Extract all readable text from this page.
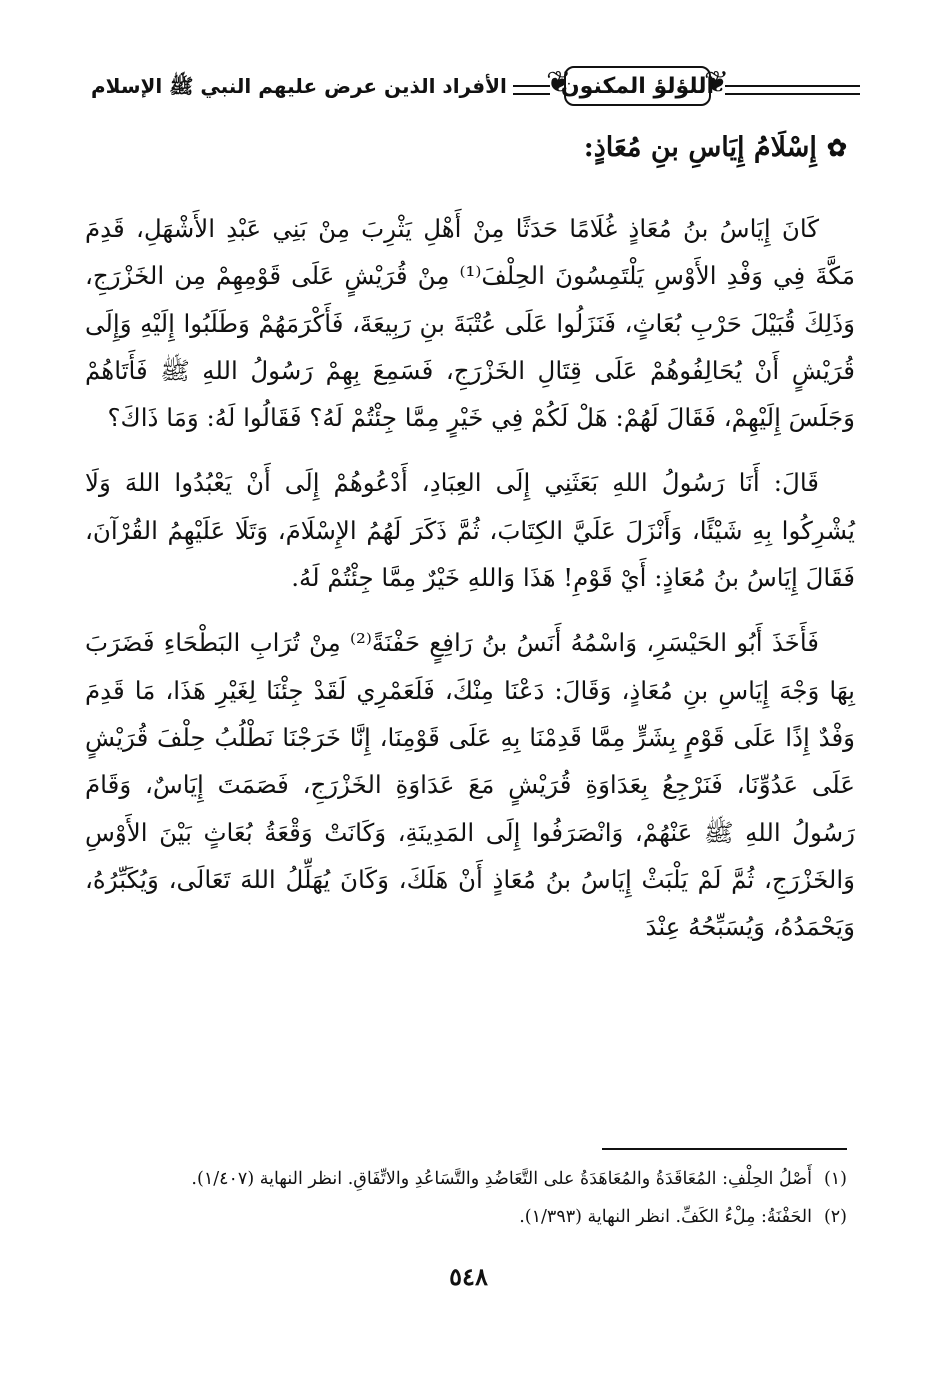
❦
❦
اللؤلؤ المكنون
الأفراد الذين عرض عليهم النبي ﷺ الإسلام
✿إِسْلَامُ إِيَاسِ بنِ مُعَاذٍ:

كَانَ إِيَاسُ بنُ مُعَاذٍ غُلَامًا حَدَثًا مِنْ أَهْلِ يَثْرِبَ مِنْ بَنِي عَبْدِ الأَشْهَلِ، قَدِمَ مَكَّةَ فِي وَفْدِ الأَوْسِ يَلْتَمِسُونَ الحِلْفَ⁽¹⁾ مِنْ قُرَيْشٍ عَلَى قَوْمِهِمْ مِن الخَزْرَجِ، وَذَلِكَ قُبَيْلَ حَرْبِ بُعَاثٍ، فَنَزَلُوا عَلَى عُتْبَةَ بنِ رَبِيعَةَ، فَأَكْرَمَهُمْ وَطَلَبُوا إِلَيْهِ وَإِلَى قُرَيْشٍ أَنْ يُحَالِفُوهُمْ عَلَى قِتَالِ الخَزْرَجِ، فَسَمِعَ بِهِمْ رَسُولُ اللهِ ﷺ فَأَتَاهُمْ وَجَلَسَ إِلَيْهِمْ، فَقَالَ لَهُمْ: هَلْ لَكُمْ فِي خَيْرٍ مِمَّا جِئْتُمْ لَهُ؟ فَقَالُوا لَهُ: وَمَا ذَاكَ؟

قَالَ: أَنَا رَسُولُ اللهِ بَعَثَنِي إِلَى العِبَادِ، أَدْعُوهُمْ إِلَى أَنْ يَعْبُدُوا اللهَ وَلَا يُشْرِكُوا بِهِ شَيْئًا، وَأَنْزَلَ عَلَيَّ الكِتَابَ، ثُمَّ ذَكَرَ لَهُمُ الإِسْلَامَ، وَتَلَا عَلَيْهِمُ القُرْآنَ، فَقَالَ إِيَاسُ بنُ مُعَاذٍ: أَيْ قَوْمِ! هَذَا وَاللهِ خَيْرٌ مِمَّا جِئْتُمْ لَهُ.

فَأَخَذَ أَبُو الحَيْسَرِ، وَاسْمُهُ أَنَسُ بنُ رَافِعٍ حَفْنَةً⁽²⁾ مِنْ تُرَابِ البَطْحَاءِ فَضَرَبَ بِهَا وَجْهَ إِيَاسِ بنِ مُعَاذٍ، وَقَالَ: دَعْنَا مِنْكَ، فَلَعَمْرِي لَقَدْ جِئْنَا لِغَيْرِ هَذَا، مَا قَدِمَ وَفْدٌ إِذًا عَلَى قَوْمٍ بِشَرٍّ مِمَّا قَدِمْنَا بِهِ عَلَى قَوْمِنَا، إِنَّا خَرَجْنَا نَطْلُبُ حِلْفَ قُرَيْشٍ عَلَى عَدُوِّنَا، فَنَرْجِعُ بِعَدَاوَةِ قُرَيْشٍ مَعَ عَدَاوَةِ الخَزْرَجِ، فَصَمَتَ إِيَاسٌ، وَقَامَ رَسُولُ اللهِ ﷺ عَنْهُمْ، وَانْصَرَفُوا إِلَى المَدِينَةِ، وَكَانَتْ وَقْعَةُ بُعَاثٍ بَيْنَ الأَوْسِ وَالخَزْرَجِ، ثُمَّ لَمْ يَلْبَثْ إِيَاسُ بنُ مُعَاذٍ أَنْ هَلَكَ، وَكَانَ يُهَلِّلُ اللهَ تَعَالَى، وَيُكَبِّرُهُ، وَيَحْمَدُهُ، وَيُسَبِّحُهُ عِنْدَ

(١)أَصْلُ الحِلْفِ: المُعَاقَدَةُ والمُعَاهَدَةُ على التَّعَاضُدِ والتَّسَاعُدِ والاتِّفَاقِ. انظر النهاية (١/٤٠٧).
(٢)الحَفْنَةُ: مِلْءُ الكَفِّ. انظر النهاية (١/٣٩٣).
٥٤٨
